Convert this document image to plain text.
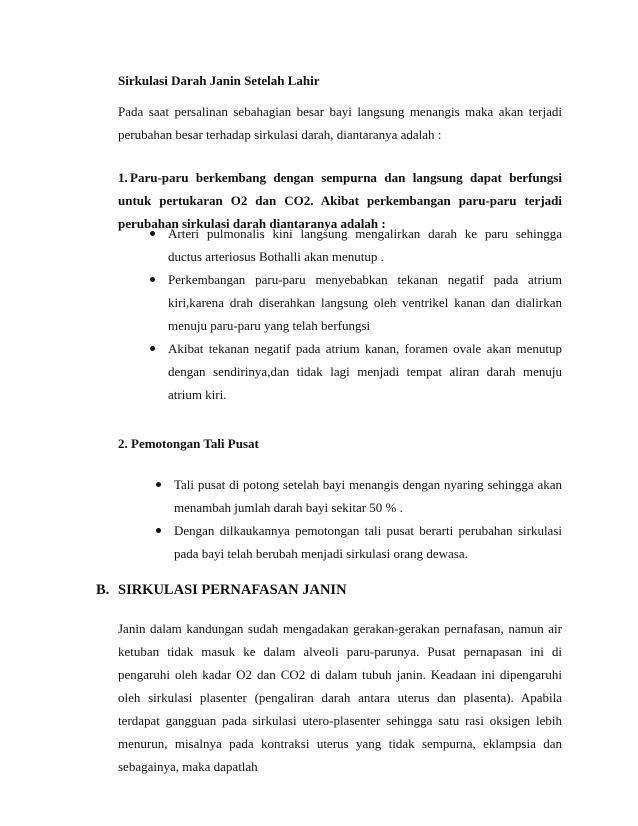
Sirkulasi Darah Janin Setelah Lahir
Pada saat persalinan sebahagian besar bayi langsung menangis maka akan terjadi perubahan besar terhadap sirkulasi darah, diantaranya adalah :
1. Paru-paru berkembang dengan sempurna dan langsung dapat berfungsi untuk pertukaran O2 dan CO2. Akibat perkembangan paru-paru terjadi perubahan sirkulasi darah diantaranya adalah :
Arteri pulmonalis kini langsung mengalirkan darah ke paru sehingga ductus arteriosus Bothalli akan menutup .
Perkembangan paru-paru menyebabkan tekanan negatif pada atrium kiri,karena drah diserahkan langsung oleh ventrikel kanan dan dialirkan menuju paru-paru yang telah berfungsi
Akibat tekanan negatif pada atrium kanan, foramen ovale akan menutup dengan sendirinya,dan tidak lagi menjadi tempat aliran darah menuju atrium kiri.
2. Pemotongan Tali Pusat
Tali pusat di potong setelah bayi menangis dengan nyaring sehingga akan menambah jumlah darah bayi sekitar 50 % .
Dengan dilkaukannya pemotongan tali pusat berarti perubahan sirkulasi pada bayi telah berubah menjadi sirkulasi orang dewasa.
B. SIRKULASI PERNAFASAN JANIN
Janin dalam kandungan sudah mengadakan gerakan-gerakan pernafasan, namun air ketuban tidak masuk ke dalam alveoli paru-parunya. Pusat pernapasan ini di pengaruhi oleh kadar O2 dan CO2 di dalam tubuh janin. Keadaan ini dipengaruhi oleh sirkulasi plasenter (pengaliran darah antara uterus dan plasenta). Apabila terdapat gangguan pada sirkulasi utero-plasenter sehingga satu rasi oksigen lebih menurun, misalnya pada kontraksi uterus yang tidak sempurna, eklampsia dan sebagainya, maka dapatlah
